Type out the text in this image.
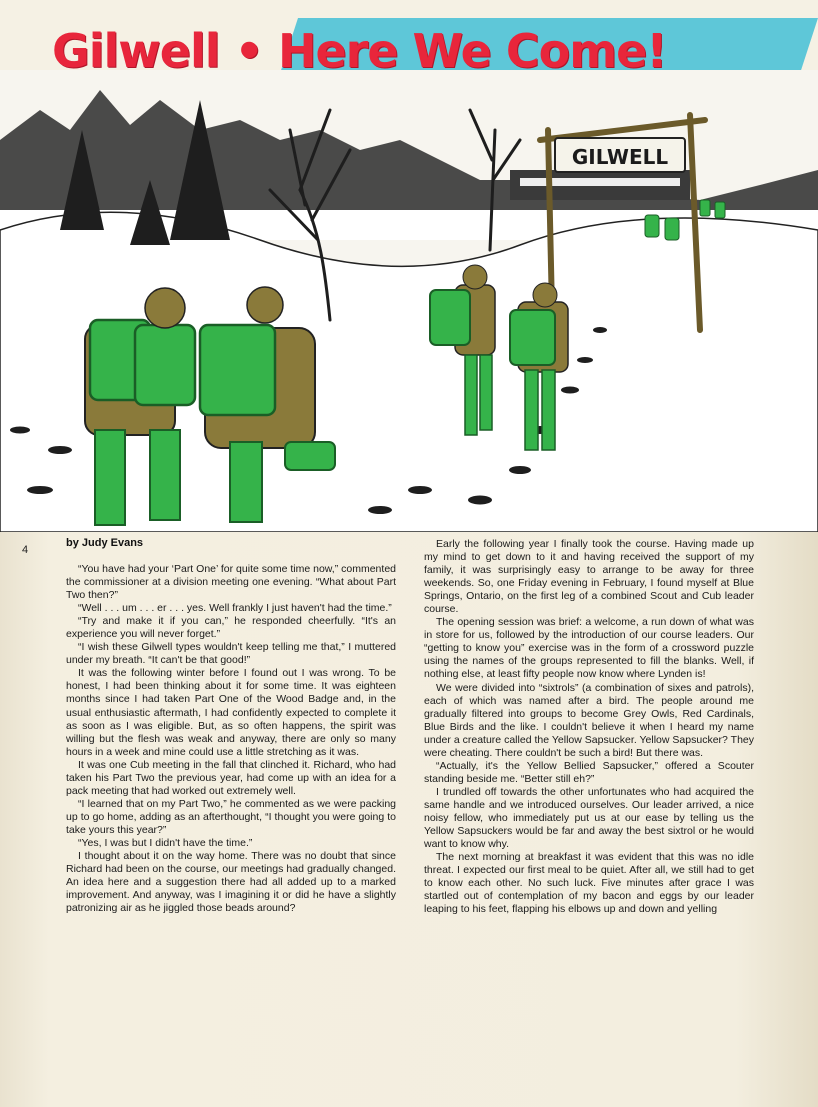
GILWELL
Gilwell • Here We Come!
4
by Judy Evans

“You have had your ‘Part One’ for quite some time now,” commented the commissioner at a division meeting one evening. “What about Part Two then?”

“Well . . . um . . . er . . . yes. Well frankly I just haven't had the time.”

“Try and make it if you can,” he responded cheerfully. “It's an experience you will never forget.”

“I wish these Gilwell types wouldn't keep telling me that,” I muttered under my breath. “It can't be that good!”

It was the following winter before I found out I was wrong. To be honest, I had been thinking about it for some time. It was eighteen months since I had taken Part One of the Wood Badge and, in the usual enthusiastic aftermath, I had confidently expected to complete it as soon as I was eligible. But, as so often happens, the spirit was willing but the flesh was weak and anyway, there are only so many hours in a week and mine could use a little stretching as it was.

It was one Cub meeting in the fall that clinched it. Richard, who had taken his Part Two the previous year, had come up with an idea for a pack meeting that had worked out extremely well.

“I learned that on my Part Two,” he commented as we were packing up to go home, adding as an afterthought, “I thought you were going to take yours this year?”

“Yes, I was but I didn't have the time.”

I thought about it on the way home. There was no doubt that since Richard had been on the course, our meetings had gradually changed. An idea here and a suggestion there had all added up to a marked improvement. And anyway, was I imagining it or did he have a slightly patronizing air as he jiggled those beads around?

Early the following year I finally took the course. Having made up my mind to get down to it and having received the support of my family, it was surprisingly easy to arrange to be away for three weekends. So, one Friday evening in February, I found myself at Blue Springs, Ontario, on the first leg of a combined Scout and Cub leader course.

The opening session was brief: a welcome, a run down of what was in store for us, followed by the introduction of our course leaders. Our “getting to know you” exercise was in the form of a crossword puzzle using the names of the groups represented to fill the blanks. Well, if nothing else, at least fifty people now know where Lynden is!

We were divided into “sixtrols” (a combination of sixes and patrols), each of which was named after a bird. The people around me gradually filtered into groups to become Grey Owls, Red Cardinals, Blue Birds and the like. I couldn't believe it when I heard my name under a creature called the Yellow Sapsucker. Yellow Sapsucker? They were cheating. There couldn't be such a bird! But there was.

“Actually, it's the Yellow Bellied Sapsucker,” offered a Scouter standing beside me. “Better still eh?”

I trundled off towards the other unfortunates who had acquired the same handle and we introduced ourselves. Our leader arrived, a nice noisy fellow, who immediately put us at our ease by telling us the Yellow Sapsuckers would be far and away the best sixtrol or he would want to know why.

The next morning at breakfast it was evident that this was no idle threat. I expected our first meal to be quiet. After all, we still had to get to know each other. No such luck. Five minutes after grace I was startled out of contemplation of my bacon and eggs by our leader leaping to his feet, flapping his elbows up and down and yelling
